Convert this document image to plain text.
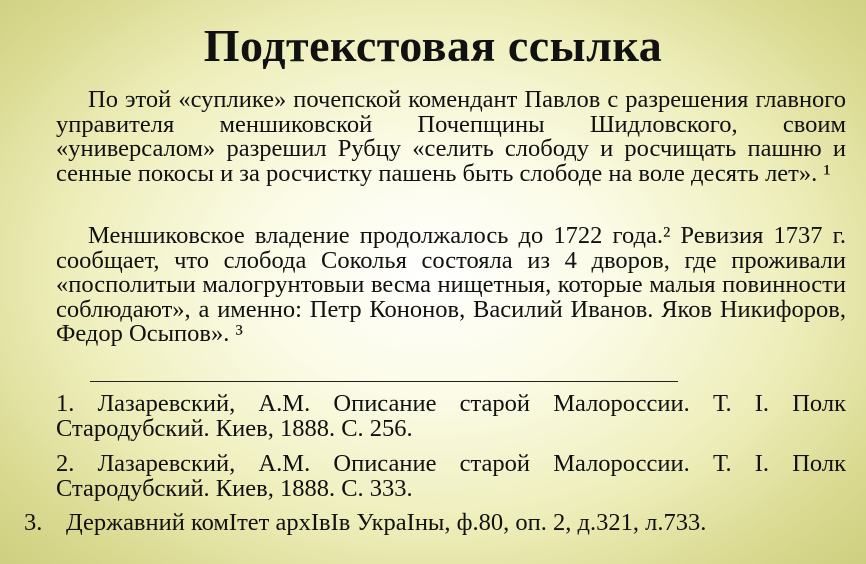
Подтекстовая ссылка

По этой «суплике» почепской комендант Павлов с разрешения главного управителя меншиковской Почепщины Шидловского, своим «универсалом» разрешил Рубцу «селить слободу и росчищать пашню и сенные покосы и за росчистку пашень быть слободе на воле десять лет». ¹

Меншиковское владение продолжалось до 1722 года.² Ревизия 1737 г. сообщает, что слобода Соколья состояла из 4 дворов, где проживали «посполитыи малогрунтовыи весма нищетныя, которые малыя повинности соблюдают», а именно: Петр Кононов, Василий Иванов. Яков Никифоров, Федор Осыпов». ³

1. Лазаревский, А.М. Описание старой Малороссии. Т. I. Полк Стародубский. Киев, 1888. С. 256.

2. Лазаревский, А.М. Описание старой Малороссии. Т. I. Полк Стародубский. Киев, 1888. С. 333.

3. Державний комIтет архIвIв УкраIны, ф.80, оп. 2, д.321, л.733.
